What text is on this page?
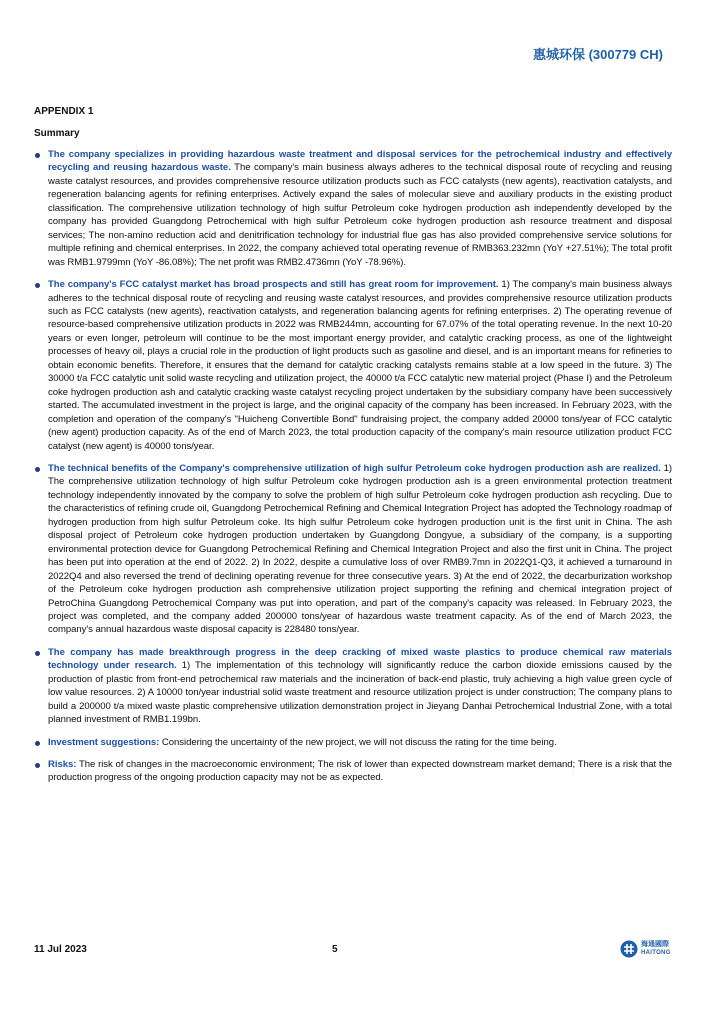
惠城环保 (300779 CH)
APPENDIX 1
Summary
The company specializes in providing hazardous waste treatment and disposal services for the petrochemical industry and effectively recycling and reusing hazardous waste. The company's main business always adheres to the technical disposal route of recycling and reusing waste catalyst resources, and provides comprehensive resource utilization products such as FCC catalysts (new agents), reactivation catalysts, and regeneration balancing agents for refining enterprises. Actively expand the sales of molecular sieve and auxiliary products in the existing product classification. The comprehensive utilization technology of high sulfur Petroleum coke hydrogen production ash independently developed by the company has provided Guangdong Petrochemical with high sulfur Petroleum coke hydrogen production ash resource treatment and disposal services; The non-amino reduction acid and denitrification technology for industrial flue gas has also provided comprehensive service solutions for multiple refining and chemical enterprises. In 2022, the company achieved total operating revenue of RMB363.232mn (YoY +27.51%); The total profit was RMB1.9799mn (YoY -86.08%); The net profit was RMB2.4736mn (YoY -78.96%).
The company's FCC catalyst market has broad prospects and still has great room for improvement. 1) The company's main business always adheres to the technical disposal route of recycling and reusing waste catalyst resources, and provides comprehensive resource utilization products such as FCC catalysts (new agents), reactivation catalysts, and regeneration balancing agents for refining enterprises. 2) The operating revenue of resource-based comprehensive utilization products in 2022 was RMB244mn, accounting for 67.07% of the total operating revenue. In the next 10-20 years or even longer, petroleum will continue to be the most important energy provider, and catalytic cracking process, as one of the lightweight processes of heavy oil, plays a crucial role in the production of light products such as gasoline and diesel, and is an important means for refineries to obtain economic benefits. Therefore, it ensures that the demand for catalytic cracking catalysts remains stable at a low speed in the future. 3) The 30000 t/a FCC catalytic unit solid waste recycling and utilization project, the 40000 t/a FCC catalytic new material project (Phase I) and the Petroleum coke hydrogen production ash and catalytic cracking waste catalyst recycling project undertaken by the subsidiary company have been successively started. The accumulated investment in the project is large, and the original capacity of the company has been increased. In February 2023, with the completion and operation of the company's "Huicheng Convertible Bond" fundraising project, the company added 20000 tons/year of FCC catalytic (new agent) production capacity. As of the end of March 2023, the total production capacity of the company's main resource utilization product FCC catalyst (new agent) is 40000 tons/year.
The technical benefits of the Company's comprehensive utilization of high sulfur Petroleum coke hydrogen production ash are realized. 1) The comprehensive utilization technology of high sulfur Petroleum coke hydrogen production ash is a green environmental protection treatment technology independently innovated by the company to solve the problem of high sulfur Petroleum coke hydrogen production ash recycling. Due to the characteristics of refining crude oil, Guangdong Petrochemical Refining and Chemical Integration Project has adopted the Technology roadmap of hydrogen production from high sulfur Petroleum coke. Its high sulfur Petroleum coke hydrogen production unit is the first unit in China. The ash disposal project of Petroleum coke hydrogen production undertaken by Guangdong Dongyue, a subsidiary of the company, is a supporting environmental protection device for Guangdong Petrochemical Refining and Chemical Integration Project and also the first unit in China. The project has been put into operation at the end of 2022. 2) In 2022, despite a cumulative loss of over RMB9.7mn in 2022Q1-Q3, it achieved a turnaround in 2022Q4 and also reversed the trend of declining operating revenue for three consecutive years. 3) At the end of 2022, the decarburization workshop of the Petroleum coke hydrogen production ash comprehensive utilization project supporting the refining and chemical integration project of PetroChina Guangdong Petrochemical Company was put into operation, and part of the company's capacity was released. In February 2023, the project was completed, and the company added 200000 tons/year of hazardous waste treatment capacity. As of the end of March 2023, the company's annual hazardous waste disposal capacity is 228480 tons/year.
The company has made breakthrough progress in the deep cracking of mixed waste plastics to produce chemical raw materials technology under research. 1) The implementation of this technology will significantly reduce the carbon dioxide emissions caused by the production of plastic from front-end petrochemical raw materials and the incineration of back-end plastic, truly achieving a high value green cycle of low value resources. 2) A 10000 ton/year industrial solid waste treatment and resource utilization project is under construction; The company plans to build a 200000 t/a mixed waste plastic comprehensive utilization demonstration project in Jieyang Danhai Petrochemical Industrial Zone, with a total planned investment of RMB1.199bn.
Investment suggestions: Considering the uncertainty of the new project, we will not discuss the rating for the time being.
Risks: The risk of changes in the macroeconomic environment; The risk of lower than expected downstream market demand; There is a risk that the production progress of the ongoing production capacity may not be as expected.
11 Jul 2023	5	海通國際
HAITONG
